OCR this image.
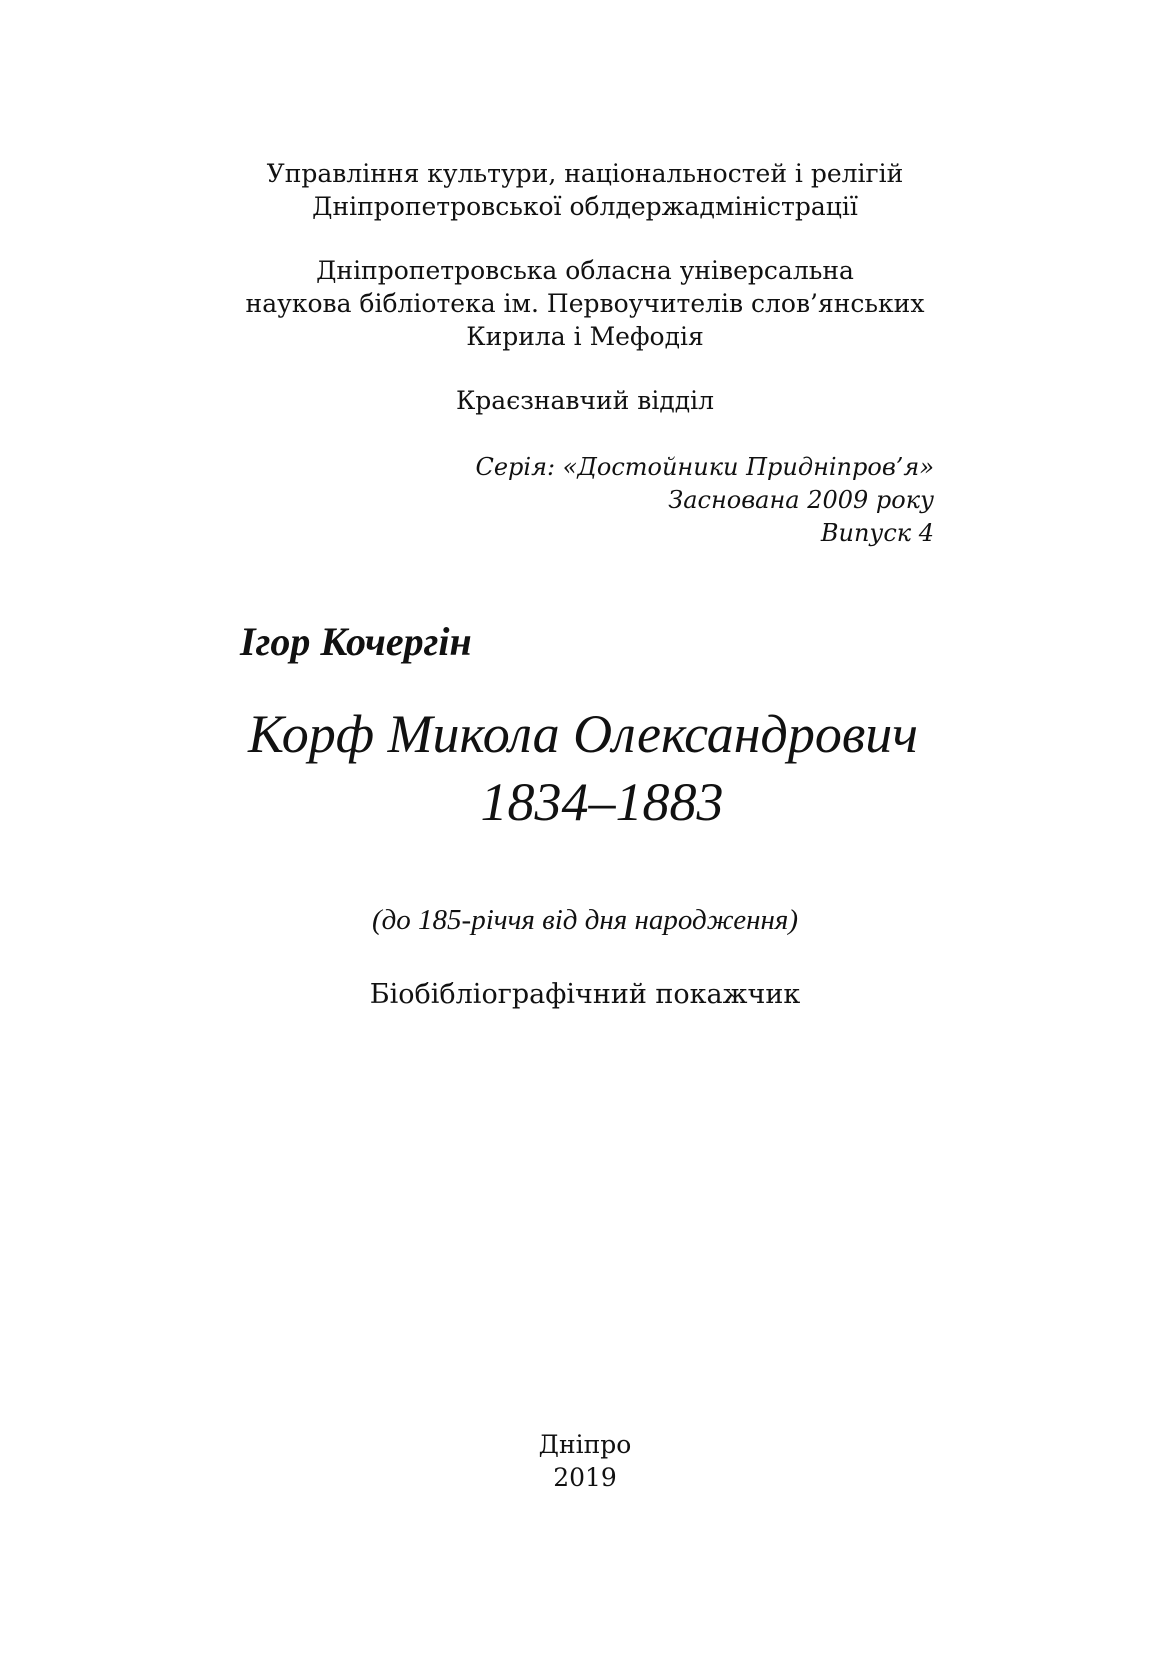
Управління культури, національностей і релігій
Дніпропетровської облдержадміністрації
Дніпропетровська обласна універсальна
наукова бібліотека ім. Первоучителів слов’янських
Кирила і Мефодія
Краєзнавчий відділ
Серія: «Достойники Придніпров’я»
Заснована 2009 року
Випуск 4
Ігор Кочергін
Корф Микола Олександрович
1834–1883
(до 185-річчя від дня народження)
Біобібліографічний покажчик
Дніпро
2019
